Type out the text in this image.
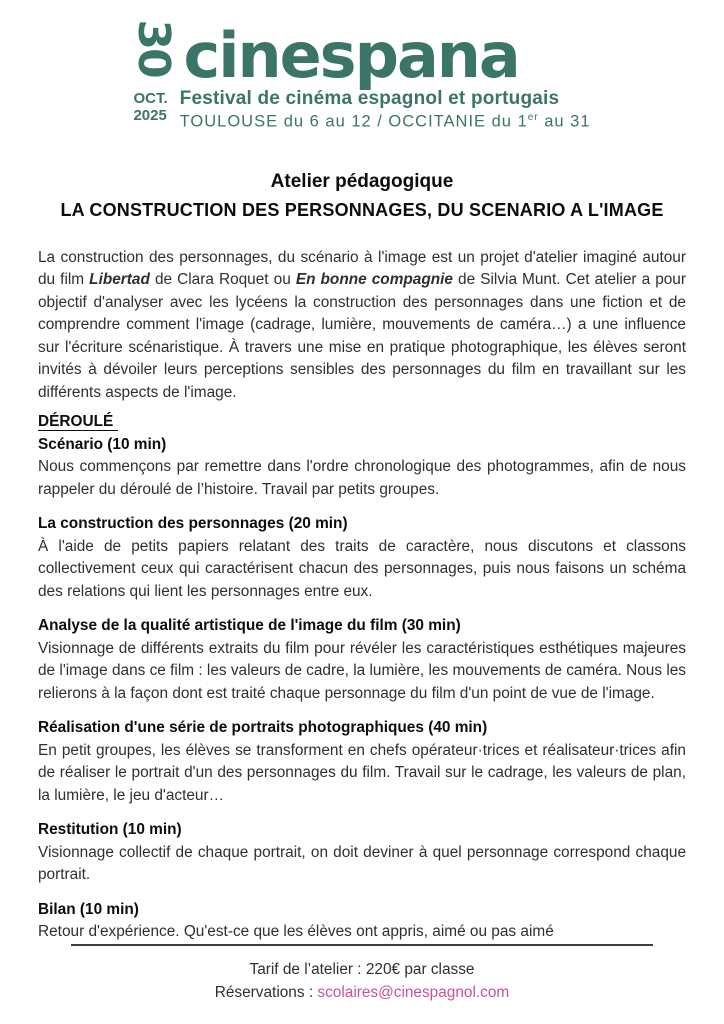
30 cinespana
OCT.
2025
Festival de cinéma espagnol et portugais
TOULOUSE du 6 au 12 / OCCITANIE du 1er au 31
Atelier pédagogique
LA CONSTRUCTION DES PERSONNAGES, DU SCENARIO A L'IMAGE

La construction des personnages, du scénario à l'image est un projet d'atelier imaginé autour du film Libertad de Clara Roquet ou En bonne compagnie de Silvia Munt. Cet atelier a pour objectif d'analyser avec les lycéens la construction des personnages dans une fiction et de comprendre comment l'image (cadrage, lumière, mouvements de caméra…) a une influence sur l'écriture scénaristique. À travers une mise en pratique photographique, les élèves seront invités à dévoiler leurs perceptions sensibles des personnages du film en travaillant sur les différents aspects de l'image.

DÉROULÉ
Scénario (10 min)

Nous commençons par remettre dans l'ordre chronologique des photogrammes, afin de nous rappeler du déroulé de l’histoire. Travail par petits groupes.

La construction des personnages (20 min)

À l'aide de petits papiers relatant des traits de caractère, nous discutons et classons collectivement ceux qui caractérisent chacun des personnages, puis nous faisons un schéma des relations qui lient les personnages entre eux.

Analyse de la qualité artistique de l'image du film (30 min)

Visionnage de différents extraits du film pour révéler les caractéristiques esthétiques majeures de l'image dans ce film : les valeurs de cadre, la lumière, les mouvements de caméra. Nous les relierons à la façon dont est traité chaque personnage du film d'un point de vue de l'image.

Réalisation d'une série de portraits photographiques (40 min)

En petit groupes, les élèves se transforment en chefs opérateur·trices et réalisateur·trices afin de réaliser le portrait d'un des personnages du film. Travail sur le cadrage, les valeurs de plan, la lumière, le jeu d'acteur…

Restitution (10 min)

Visionnage collectif de chaque portrait, on doit deviner à quel personnage correspond chaque portrait.

Bilan (10 min)

Retour d'expérience. Qu'est-ce que les élèves ont appris, aimé ou pas aimé

Tarif de l’atelier : 220€ par classe
Réservations : scolaires@cinespagnol.com
